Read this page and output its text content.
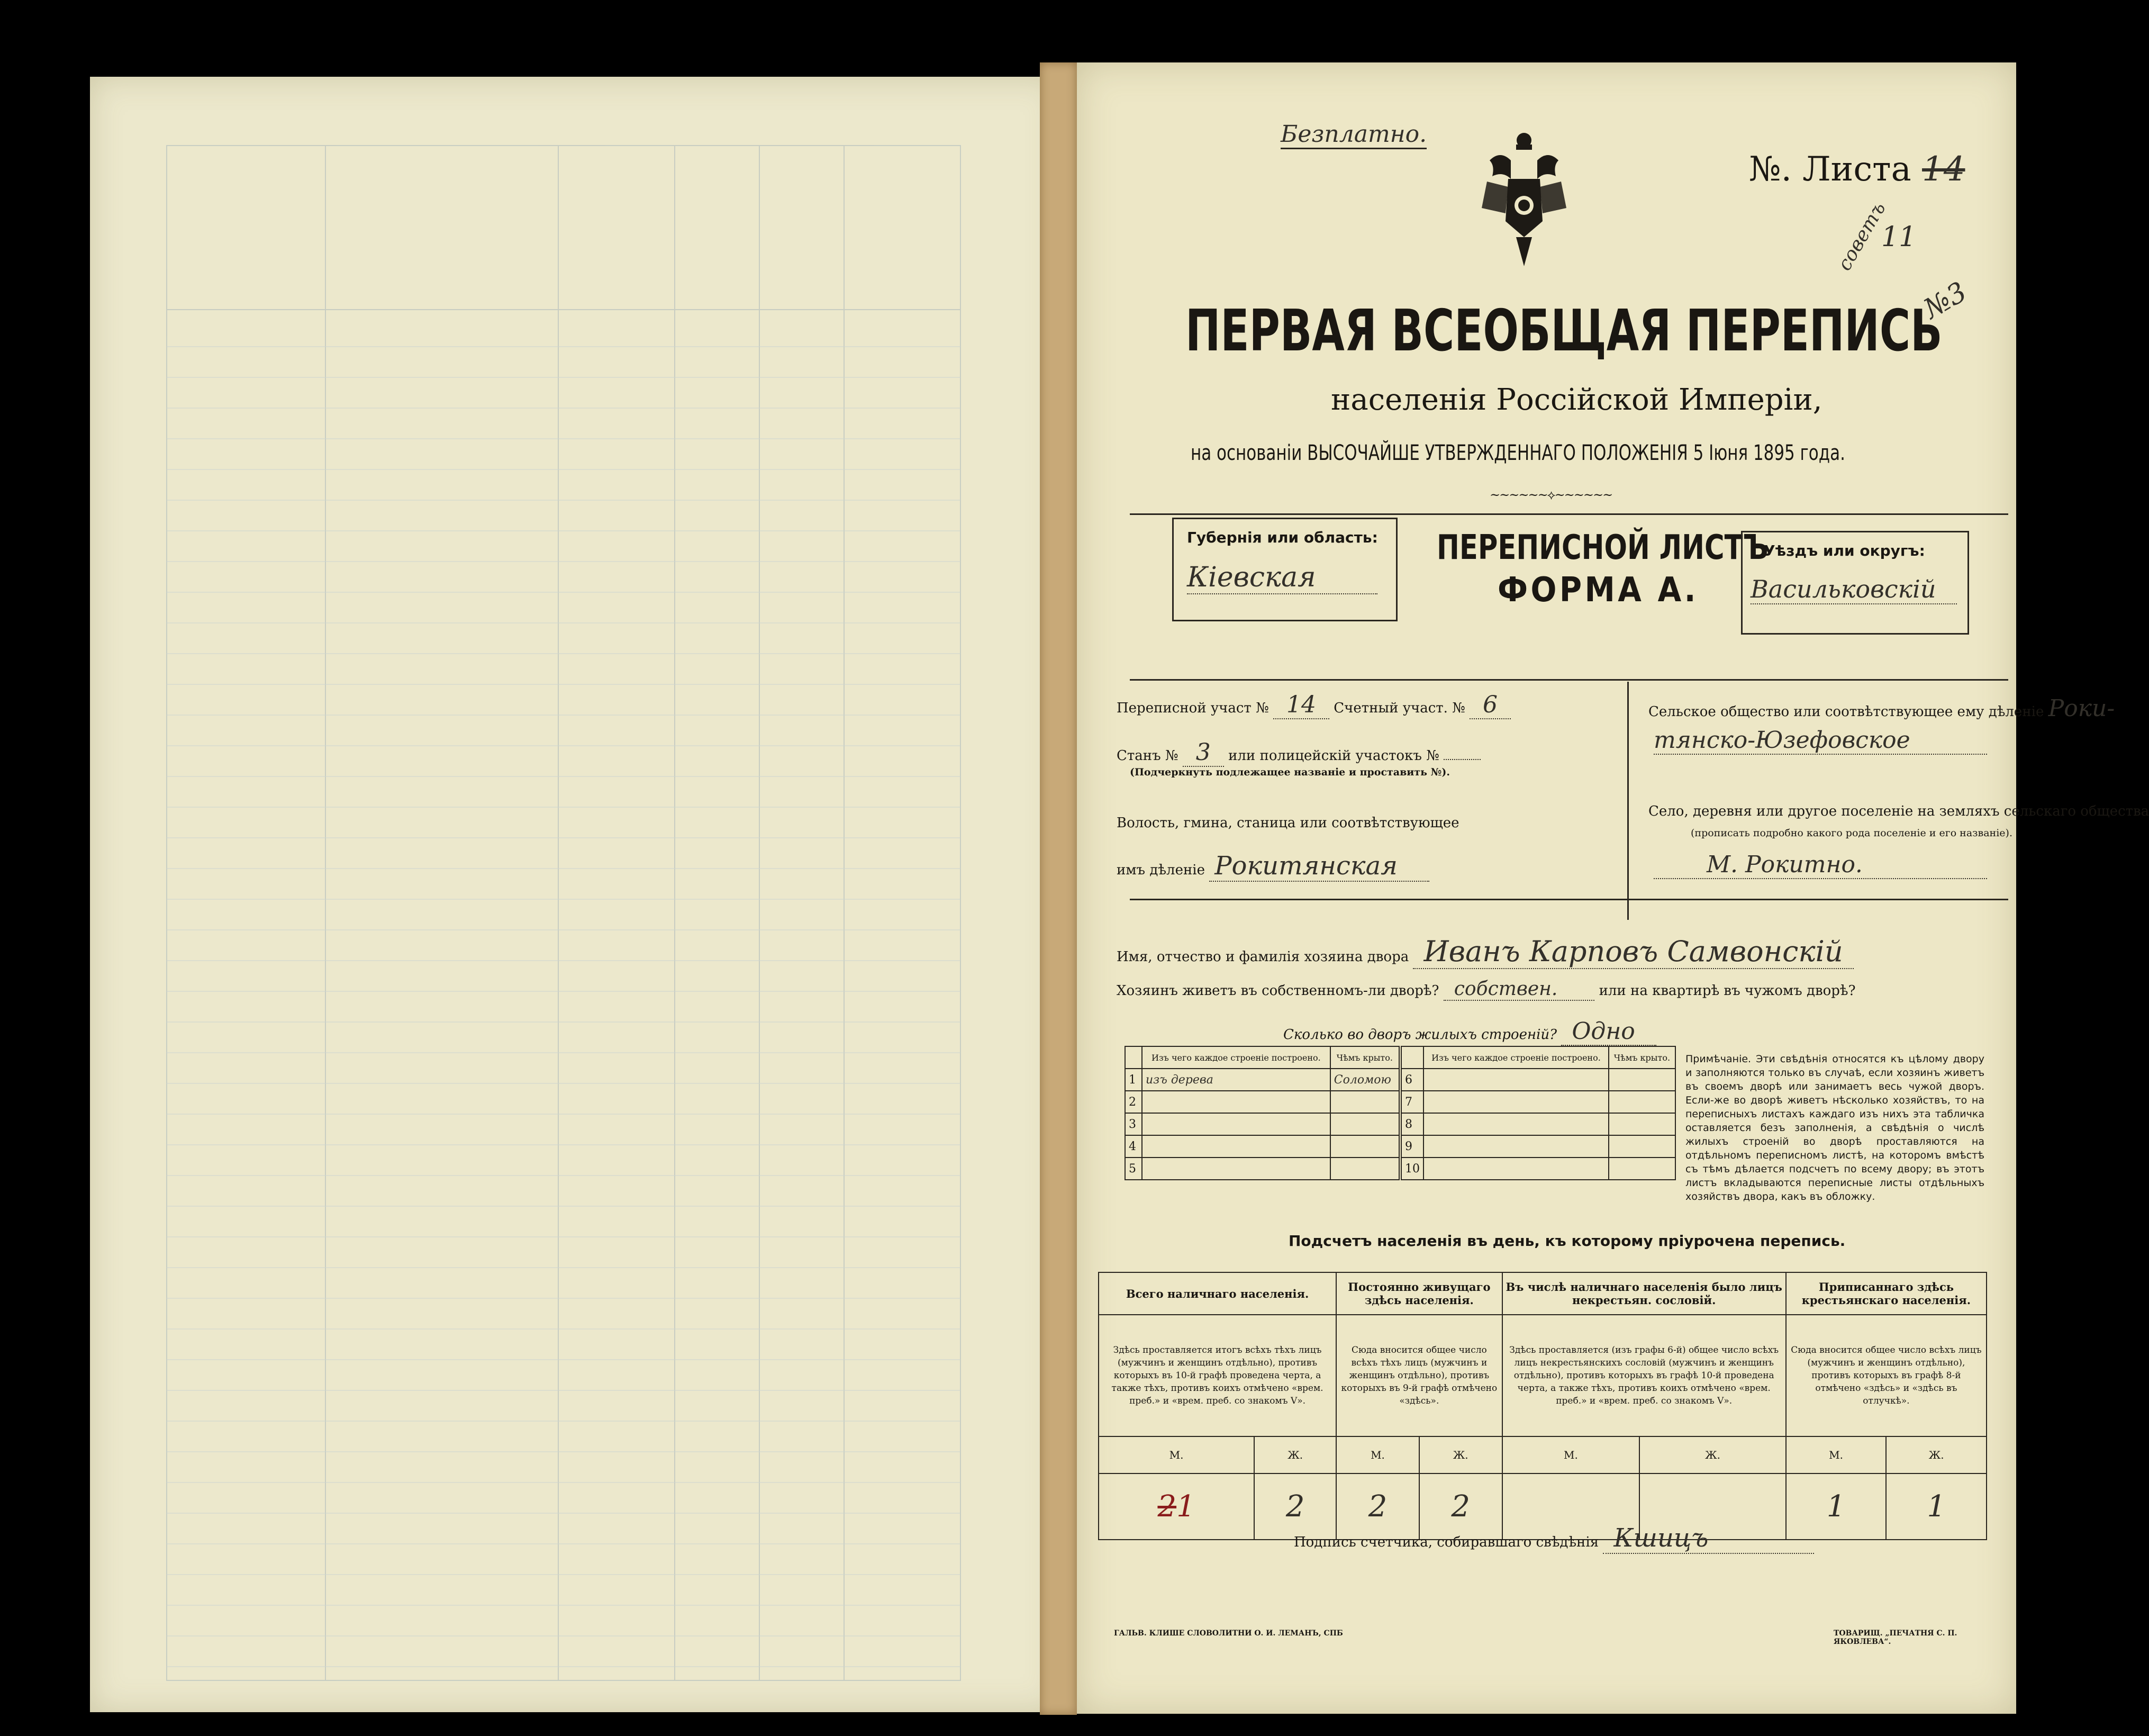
Безплатно.
№. Листа 14
11
советъ
№3
ПЕРВАЯ ВСЕОБЩАЯ ПЕРЕПИСЬ
населенія Россійской Имперіи,
на основаніи ВЫСОЧАЙШЕ УТВЕРЖДЕННАГО ПОЛОЖЕНІЯ 5 Іюня 1895 года.
~~~~~~⟡~~~~~~
Губернія или область:
Кіевская
ПЕРЕПИСНОЙ ЛИСТЪ
ФОРМА А.
Уѣздъ или округъ:
Васильковскій
Переписной участ № 14 Счетный участ. № 6
Станъ № 3 или полицейскій участокъ №
(Подчеркнуть подлежащее названіе и проставить №).
Волость, гмина, станица или соотвѣтствующее
имъ дѣленіе Рокитянская
Сельское общество или соотвѣтствующее ему дѣленіе Роки-
тянско-Юзефовское
Село, деревня или другое поселеніе на земляхъ сельскаго общества
(прописать подробно какого рода поселеніе и его названіе).
М. Рокитно.
Имя, отчество и фамилія хозяина двора Иванъ Карповъ Самвонскій
Хозяинъ живетъ въ собственномъ-ли дворѣ? собствен.	или на квартирѣ въ чужомъ дворѣ?
Сколько во дворъ жилыхъ строеній? Одно
	Изъ чего каждое строеніе построено.	Чѣмъ крыто.
1	изъ дерева	Соломою
2		
3		
4		
5		
	Изъ чего каждое строеніе построено.	Чѣмъ крыто.
6		
7		
8		
9		
10		
Примѣчаніе. Эти свѣдѣнія относятся къ цѣлому двору и заполняются только въ случаѣ, если хозяинъ живетъ въ своемъ дворѣ или занимаетъ весь чужой дворъ. Если-же во дворѣ живетъ нѣсколько хозяйствъ, то на переписныхъ листахъ каждаго изъ нихъ эта табличка оставляется безъ заполненія, а свѣдѣнія о числѣ жилыхъ строеній во дворѣ проставляются на отдѣльномъ переписномъ листѣ, на которомъ вмѣстѣ съ тѣмъ дѣлается подсчетъ по всему двору; въ этотъ листъ вкладываются переписные листы отдѣльныхъ хозяйствъ двора, какъ въ обложку.
Подсчетъ населенія въ день, къ которому пріурочена перепись.
Всего наличнаго населенія.		Постоянно живущаго здѣсь населенія.		Въ числѣ наличнаго населенія было лицъ некрестьян. сословій.		Приписаннаго здѣсь крестьянскаго населенія.	
Здѣсь проставляется итогъ всѣхъ тѣхъ лицъ (мужчинъ и женщинъ отдѣльно), противъ которыхъ въ 10-й графѣ проведена черта, а также тѣхъ, противъ коихъ отмѣчено «врем. преб.» и «врем. преб. со знакомъ V».		Сюда вносится общее число всѣхъ тѣхъ лицъ (мужчинъ и женщинъ отдѣльно), противъ которыхъ въ 9-й графѣ отмѣчено «здѣсь».		Здѣсь проставляется (изъ графы 6-й) общее число всѣхъ лицъ некрестьянскихъ сословій (мужчинъ и женщинъ отдѣльно), противъ которыхъ въ графѣ 10-й проведена черта, а также тѣхъ, противъ коихъ отмѣчено «врем. преб.» и «врем. преб. со знакомъ V».		Сюда вносится общее число всѣхъ лицъ (мужчинъ и женщинъ отдѣльно), противъ которыхъ въ графѣ 8-й отмѣчено «здѣсь» и «здѣсь въ отлучкѣ».	
М.	Ж.	М.	Ж.	М.	Ж.	М.	Ж.
21	2	2	2			1	1
Подпись счетчика, собиравшаго свѣдѣнія Кшицъ
ГАЛЬВ. КЛИШЕ СЛОВОЛИТНИ О. И. ЛЕМАНЪ, СПБ	ТОВАРИЩ. „ПЕЧАТНЯ С. П. ЯКОВЛЕВА“.
